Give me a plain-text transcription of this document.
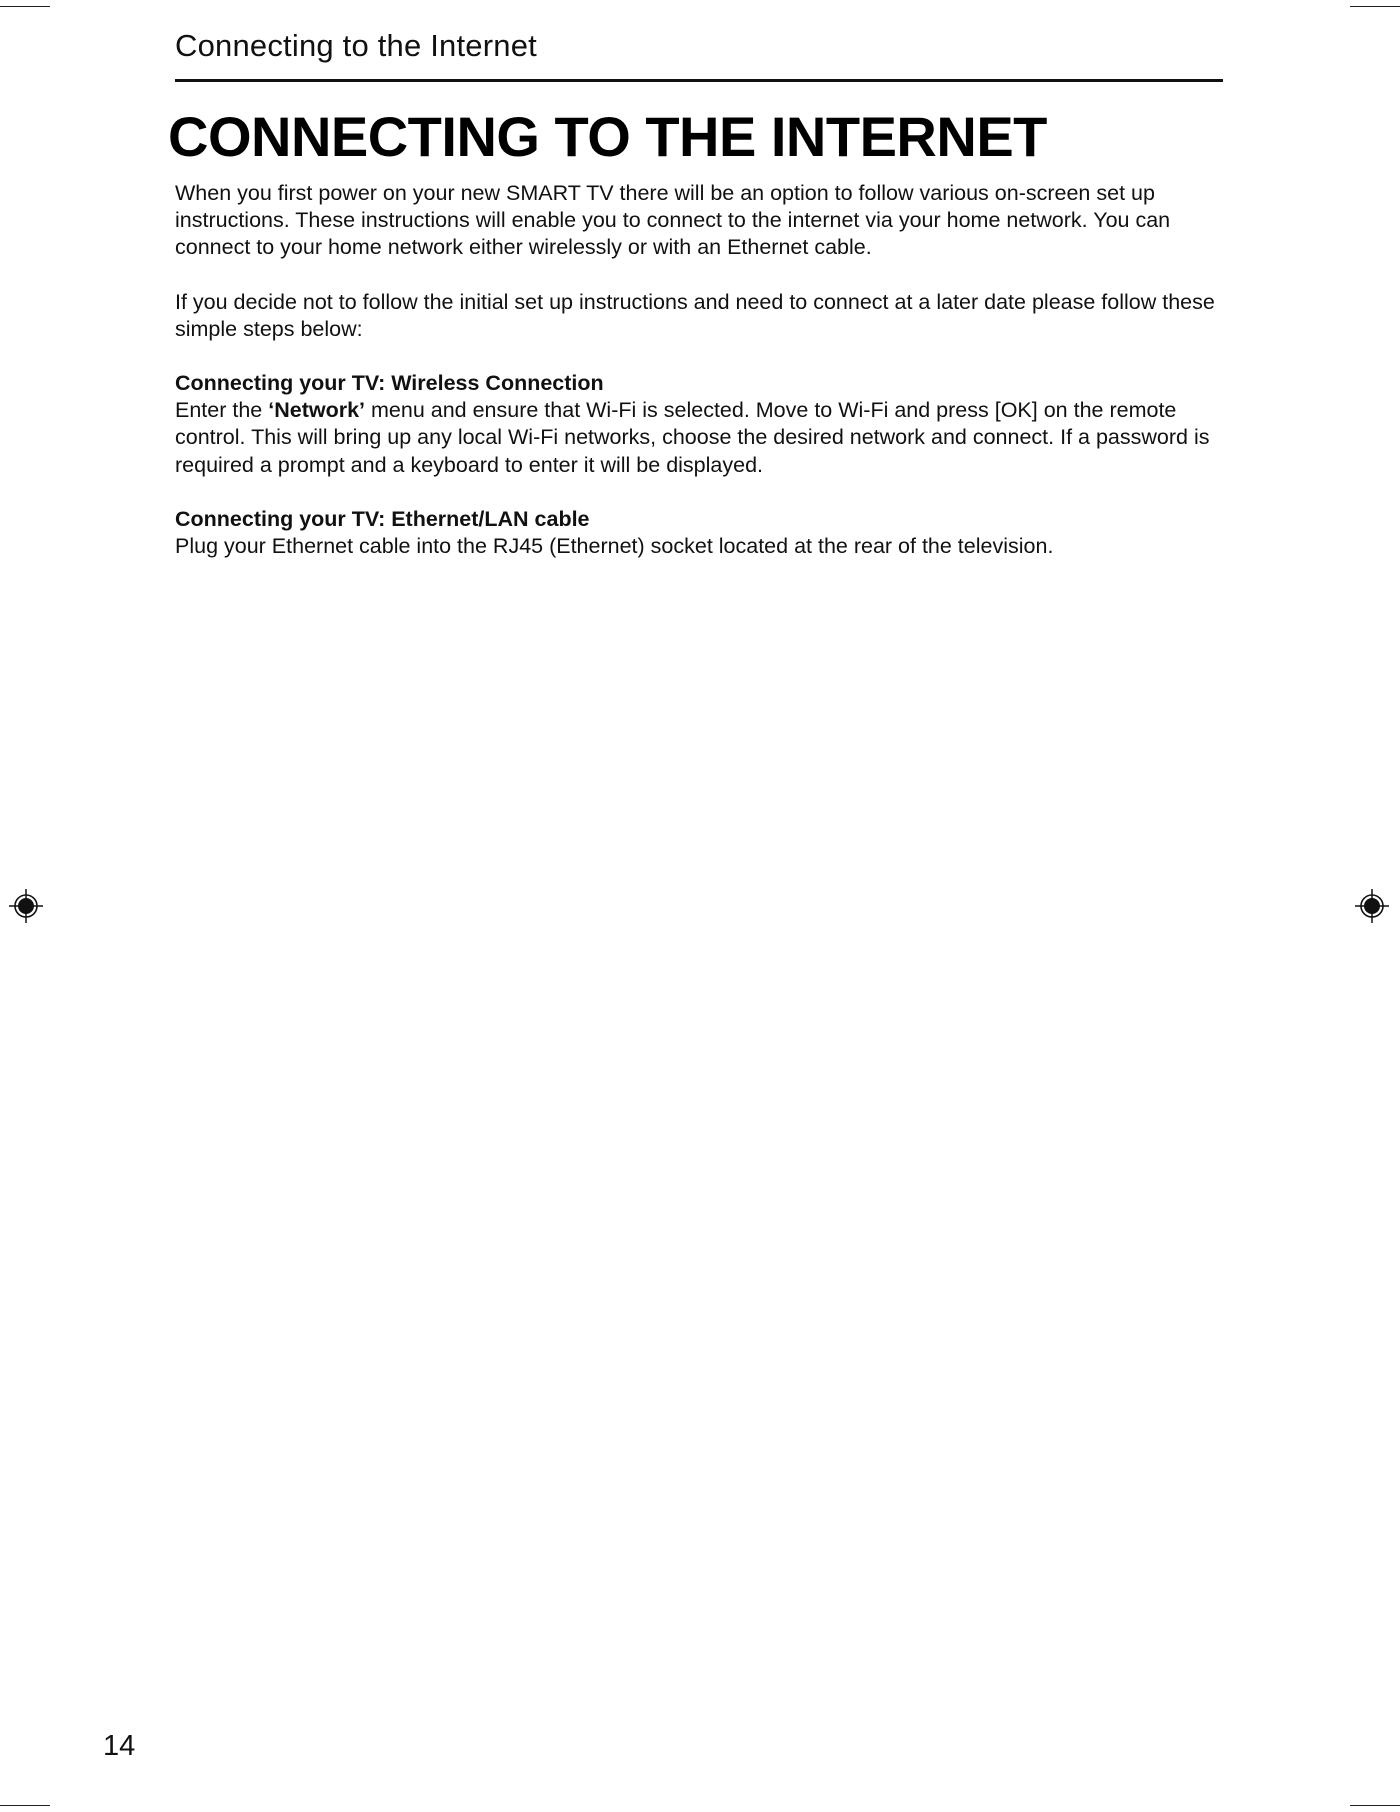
Connecting to the Internet
CONNECTING TO THE INTERNET

When you first power on your new SMART TV there will be an option to follow various on-screen set up instructions. These instructions will enable you to connect to the internet via your home network. You can connect to your home network either wirelessly or with an Ethernet cable.

If you decide not to follow the initial set up instructions and need to connect at a later date please follow these simple steps below:

Connecting your TV: Wireless Connection

Enter the ‘Network’ menu and ensure that Wi-Fi is selected. Move to Wi-Fi and press [OK] on the remote control. This will bring up any local Wi-Fi networks, choose the desired network and connect. If a password is required a prompt and a keyboard to enter it will be displayed.

Connecting your TV: Ethernet/LAN cable

Plug your Ethernet cable into the RJ45 (Ethernet) socket located at the rear of the television.

14
